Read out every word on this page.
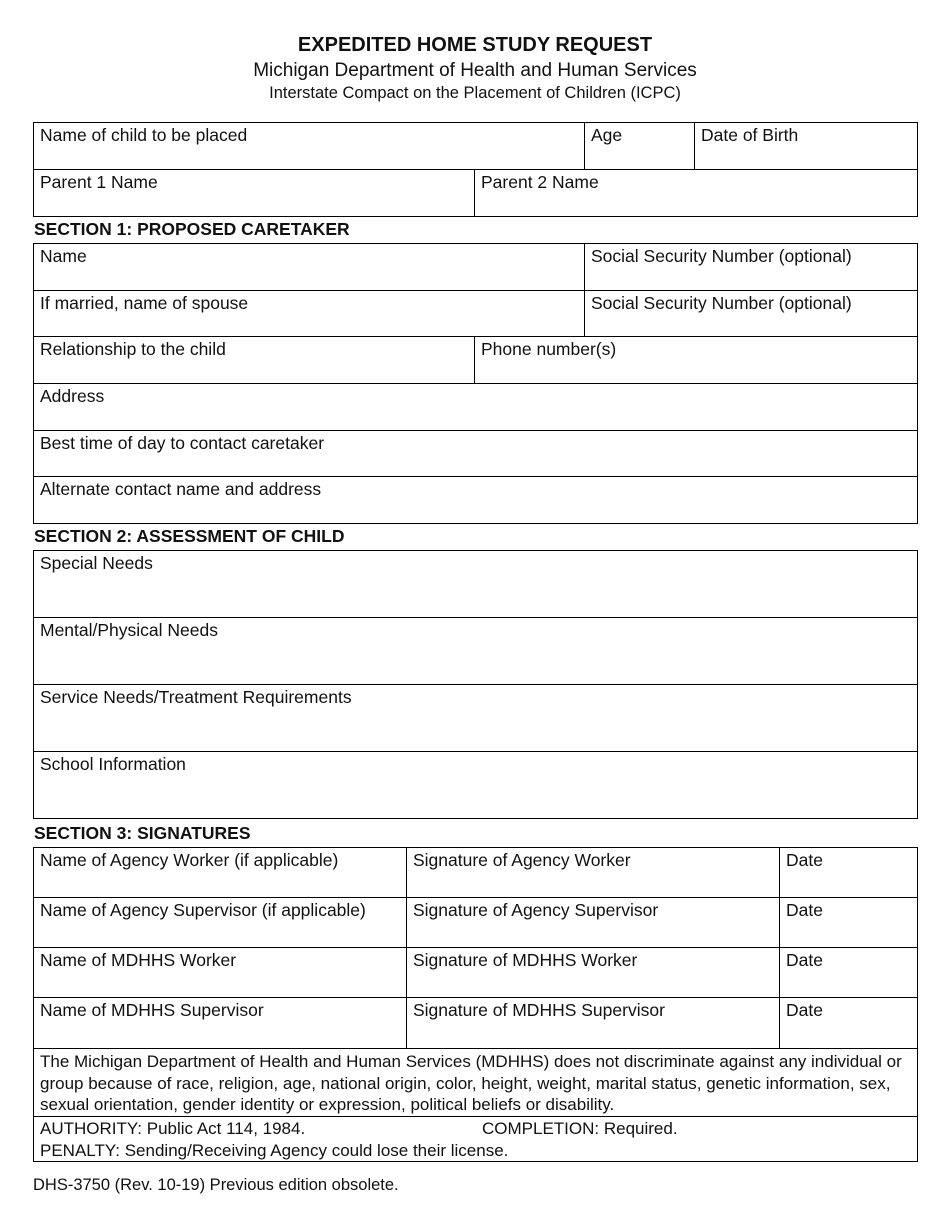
EXPEDITED HOME STUDY REQUEST
Michigan Department of Health and Human Services
Interstate Compact on the Placement of Children (ICPC)
Name of child to be placed		Age	Date of Birth
Parent 1 Name	Parent 2 Name		
SECTION 1: PROPOSED CARETAKER
Name		Social Security Number (optional)
If married, name of spouse		Social Security Number (optional)
Relationship to the child	Phone number(s)	
Address		
Best time of day to contact caretaker		
Alternate contact name and address		
SECTION 2: ASSESSMENT OF CHILD
Special Needs
Mental/Physical Needs
Service Needs/Treatment Requirements
School Information
SECTION 3: SIGNATURES
Name of Agency Worker (if applicable)	Signature of Agency Worker	Date
Name of Agency Supervisor (if applicable)	Signature of Agency Supervisor	Date
Name of MDHHS Worker	Signature of MDHHS Worker	Date
Name of MDHHS Supervisor	Signature of MDHHS Supervisor	Date
The Michigan Department of Health and Human Services (MDHHS) does not discriminate against any individual or group because of race, religion, age, national origin, color, height, weight, marital status, genetic information, sex, sexual orientation, gender identity or expression, political beliefs or disability.		

AUTHORITY: Public Act 114, 1984. COMPLETION: Required.
PENALTY: Sending/Receiving Agency could lose their license.		
DHS-3750 (Rev. 10-19) Previous edition obsolete.
